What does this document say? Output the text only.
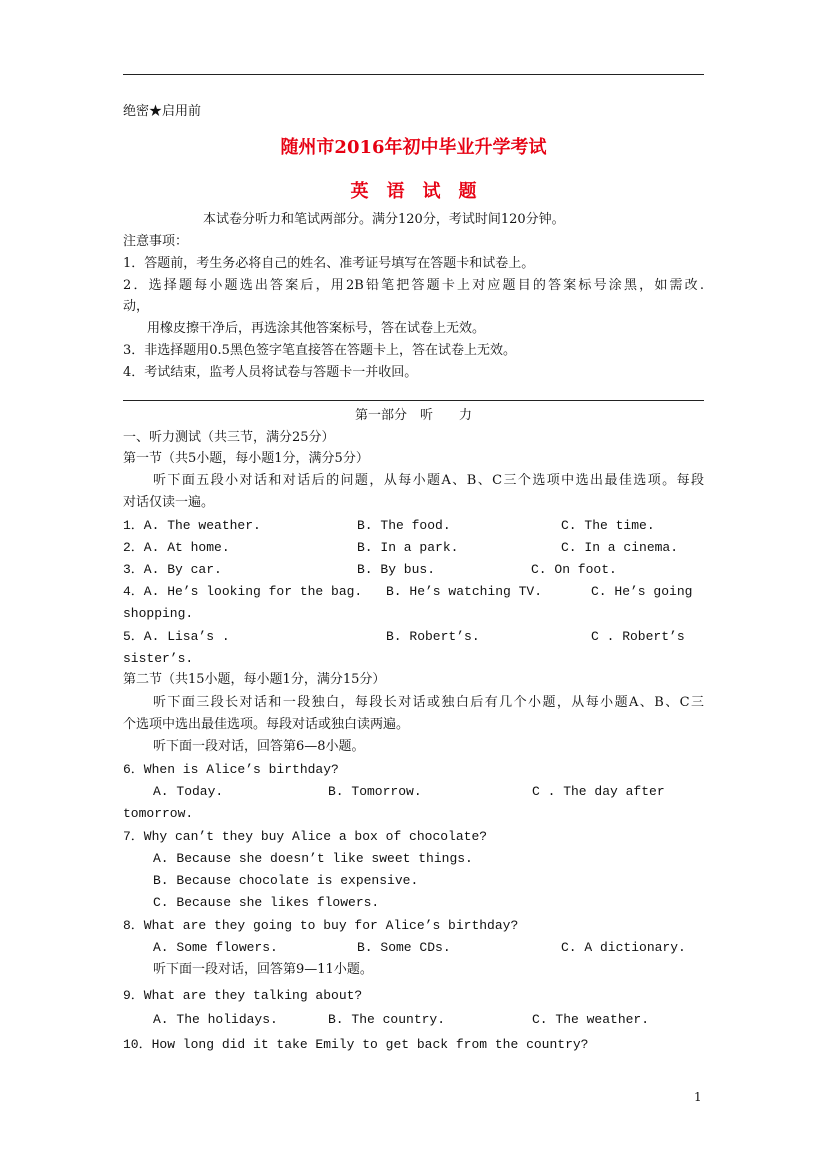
绝密★启用前
随州市2016年初中毕业升学考试
英　语　试　题
本试卷分听力和笔试两部分。满分120分，考试时间120分钟。
注意事项：
1．答题前，考生务必将自己的姓名、准考证号填写在答题卡和试卷上。
2．选择题每小题选出答案后，用2B铅笔把答题卡上对应题目的答案标号涂黑，如需改.
动，
用橡皮擦干净后，再选涂其他答案标号，答在试卷上无效。
3．非选择题用0.5黑色签字笔直接答在答题卡上，答在试卷上无效。
4．考试结束，监考人员将试卷与答题卡一并收回。
第一部分　听　　力
一、听力测试（共三节，满分25分）
第一节（共5小题，每小题1分，满分5分）
听下面五段小对话和对话后的问题，从每小题A、B、C三个选项中选出最佳选项。每段
对话仅读一遍。
1．A. The weather.	B. The food.	C. The time.
2．A. At home.	B. In a park.	C. In a cinema.
3．A. By car.	B. By bus.	C. On foot.
4．A. He’s looking for the bag. B. He’s watching TV.	C. He’s going
shopping.
5．A. Lisa’s .	B. Robert’s.	C . Robert’s
sister’s.
第二节（共15小题，每小题1分，满分15分）
听下面三段长对话和一段独白，每段长对话或独白后有几个小题，从每小题A、B、C三
个选项中选出最佳选项。每段对话或独白读两遍。
听下面一段对话，回答第6—8小题。
6．When is Alice’s birthday?
A. Today.	B. Tomorrow.	C . The day after
tomorrow.
7．Why can’t they buy Alice a box of chocolate?
A. Because she doesn’t like sweet things.
B. Because chocolate is expensive.
C. Because she likes flowers.
8．What are they going to buy for Alice’s birthday?
A. Some flowers.	B. Some CDs.	C. A dictionary.
听下面一段对话，回答第9—11小题。
9．What are they talking about?
A. The holidays.	B. The country.	C. The weather.
10．How long did it take Emily to get back from the country?
1
